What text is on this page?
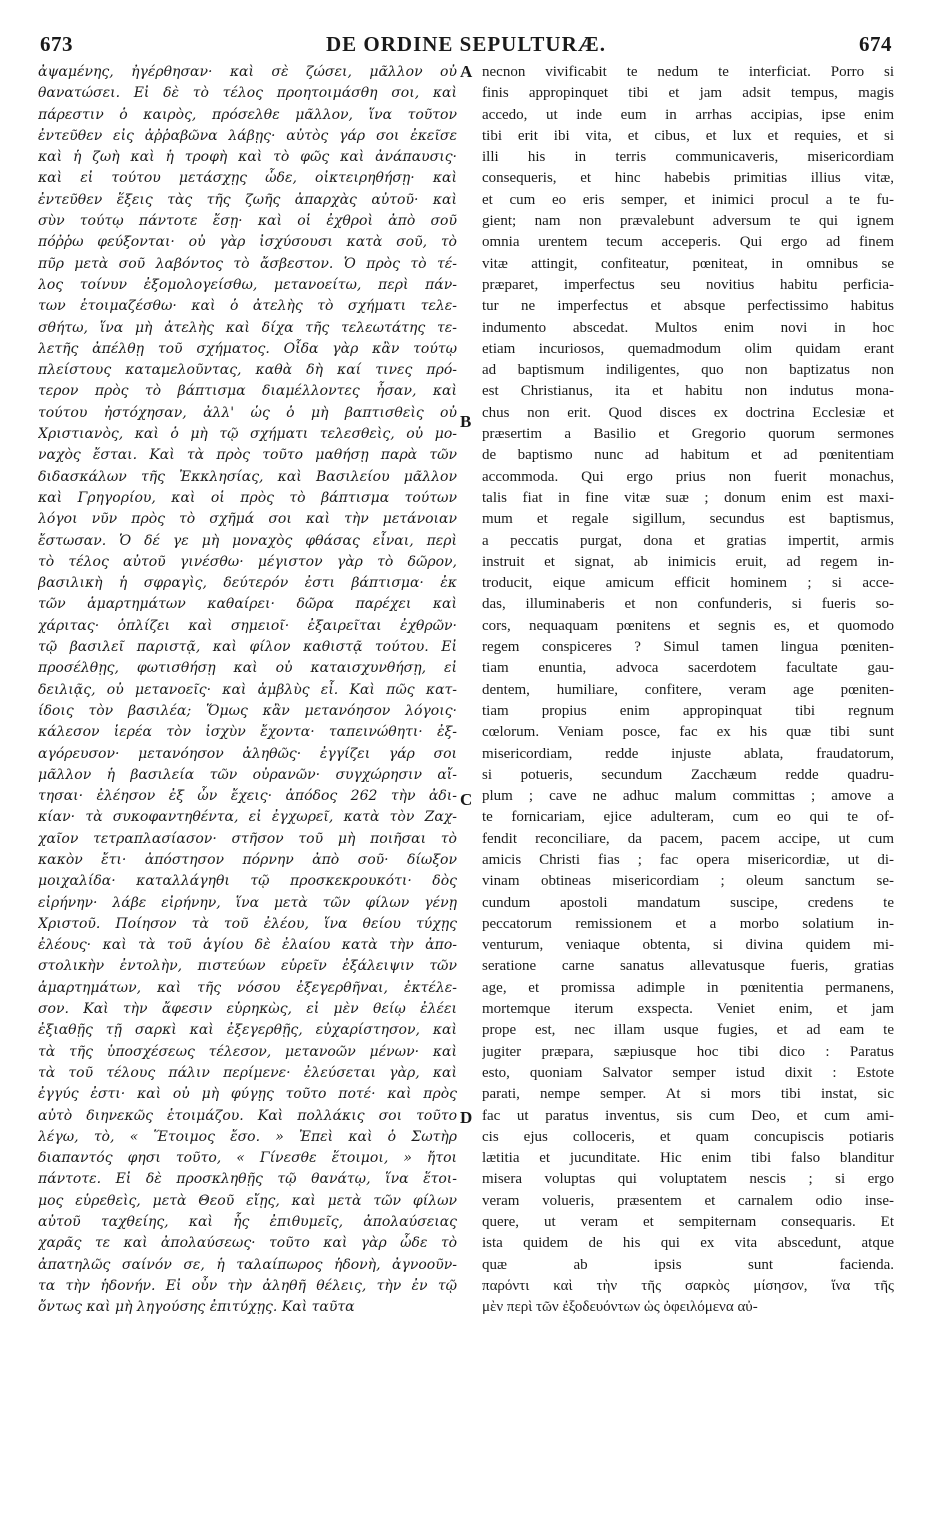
673	DE ORDINE SEPULTURÆ.	674
ἀψαμένης, ἠγέρθησαν· καὶ σὲ ζώσει, μᾶλλον οὐ
θανατώσει. Εἰ δὲ τὸ τέλος προητοιμάσθη σοι, καὶ
πάρεστιν ὁ καιρὸς, πρόσελθε μᾶλλον, ἵνα τοῦτον
ἐντεῦθεν εἰς ἀῤῥαβῶνα λάβῃς· αὐτὸς γάρ σοι ἐκεῖσε
καὶ ἡ ζωὴ καὶ ἡ τροφὴ καὶ τὸ φῶς καὶ ἀνάπαυσις·
καὶ εἰ τούτου μετάσχῃς ὧδε, οἰκτειρηθήσῃ· καὶ
ἐντεῦθεν ἕξεις τὰς τῆς ζωῆς ἀπαρχὰς αὐτοῦ· καὶ
σὺν τούτῳ πάντοτε ἔσῃ· καὶ οἱ ἐχθροὶ ἀπὸ σοῦ
πόῤῥω φεύξονται· οὐ γὰρ ἰσχύσουσι κατὰ σοῦ, τὸ
πῦρ μετὰ σοῦ λαβόντος τὸ ἄσβεστον. Ὁ πρὸς τὸ τέ-
λος τοίνυν ἐξομολογείσθω, μετανοείτω, περὶ πάν-
των ἑτοιμαζέσθω· καὶ ὁ ἀτελὴς τὸ σχήματι τελε-
σθήτω, ἵνα μὴ ἀτελὴς καὶ δίχα τῆς τελεωτάτης τε-
λετῆς ἀπέλθῃ τοῦ σχήματος. Οἶδα γὰρ κἂν τούτῳ
πλείστους καταμελοῦντας, καθὰ δὴ καί τινες πρό-
τερον πρὸς τὸ βάπτισμα διαμέλλοντες ἦσαν, καὶ
τούτου ἠστόχησαν, ἀλλ' ὡς ὁ μὴ βαπτισθεὶς οὐ
Χριστιανὸς, καὶ ὁ μὴ τῷ σχήματι τελεσθεὶς, οὐ μο-
ναχὸς ἔσται. Καὶ τὰ πρὸς τοῦτο μαθήσῃ παρὰ τῶν
διδασκάλων τῆς Ἐκκλησίας, καὶ Βασιλείου μᾶλλον
καὶ Γρηγορίου, καὶ οἱ πρὸς τὸ βάπτισμα τούτων
λόγοι νῦν πρὸς τὸ σχῆμά σοι καὶ τὴν μετάνοιαν
ἔστωσαν. Ὁ δέ γε μὴ μοναχὸς φθάσας εἶναι, περὶ
τὸ τέλος αὐτοῦ γινέσθω· μέγιστον γὰρ τὸ δῶρον,
βασιλικὴ ἡ σφραγὶς, δεύτερόν ἐστι βάπτισμα· ἐκ
τῶν ἁμαρτημάτων καθαίρει· δῶρα παρέχει καὶ
χάριτας· ὁπλίζει καὶ σημειοῖ· ἐξαιρεῖται ἐχθρῶν·
τῷ βασιλεῖ παριστᾷ, καὶ φίλον καθιστᾷ τούτου. Εἰ
προσέλθῃς, φωτισθήσῃ καὶ οὐ καταισχυνθήσῃ, εἰ
δειλιᾷς, οὐ μετανοεῖς· καὶ ἀμβλὺς εἶ. Καὶ πῶς κατ-
ίδοις τὸν βασιλέα; Ὅμως κἂν μετανόησον λόγοις·
κάλεσον ἱερέα τὸν ἰσχὺν ἔχοντα· ταπεινώθητι· ἐξ-
αγόρευσον· μετανόησον ἀληθῶς· ἐγγίζει γάρ σοι
μᾶλλον ἡ βασιλεία τῶν οὐρανῶν· συγχώρησιν αἴ-
τησαι· ἐλέησον ἐξ ὧν ἔχεις· ἀπόδος 262 τὴν ἀδι-
κίαν· τὰ συκοφαντηθέντα, εἰ ἐγχωρεῖ, κατὰ τὸν Ζαχ-
χαῖον τετραπλασίασον· στῆσον τοῦ μὴ ποιῆσαι τὸ
κακὸν ἔτι· ἀπόστησον πόρνην ἀπὸ σοῦ· δίωξον
μοιχαλίδα· καταλλάγηθι τῷ προσκεκρουκότι· δὸς
εἰρήνην· λάβε εἰρήνην, ἵνα μετὰ τῶν φίλων γένῃ
Χριστοῦ. Ποίησον τὰ τοῦ ἐλέου, ἵνα θείου τύχῃς
ἐλέους· καὶ τὰ τοῦ ἁγίου δὲ ἐλαίου κατὰ τὴν ἀπο-
στολικὴν ἐντολὴν, πιστεύων εὑρεῖν ἐξάλειψιν τῶν
ἁμαρτημάτων, καὶ τῆς νόσου ἐξεγερθῆναι, ἐκτέλε-
σον. Καὶ τὴν ἄφεσιν εὑρηκὼς, εἰ μὲν θείῳ ἐλέει
ἐξιαθῇς τῇ σαρκὶ καὶ ἐξεγερθῇς, εὐχαρίστησον, καὶ
τὰ τῆς ὑποσχέσεως τέλεσον, μετανοῶν μένων· καὶ
τὰ τοῦ τέλους πάλιν περίμενε· ἐλεύσεται γὰρ, καὶ
ἐγγύς ἐστι· καὶ οὐ μὴ φύγῃς τοῦτο ποτέ· καὶ πρὸς
αὐτὸ διηνεκῶς ἑτοιμάζου. Καὶ πολλάκις σοι τοῦτο
λέγω, τὸ, « Ἕτοιμος ἔσο. » Ἐπεὶ καὶ ὁ Σωτὴρ
διαπαντός φησι τοῦτο, « Γίνεσθε ἕτοιμοι, » ἤτοι
πάντοτε. Εἰ δὲ προσκληθῇς τῷ θανάτῳ, ἵνα ἕτοι-
μος εὑρεθεὶς, μετὰ Θεοῦ εἴῃς, καὶ μετὰ τῶν φίλων
αὐτοῦ ταχθείης, καὶ ἧς ἐπιθυμεῖς, ἀπολαύσειας
χαρᾶς τε καὶ ἀπολαύσεως· τοῦτο καὶ γὰρ ὧδε τὸ
ἀπατηλῶς σαίνόν σε, ἡ ταλαίπωρος ἡδονὴ, ἀγνοοῦν-
τα τὴν ἡδονήν. Εἰ οὖν τὴν ἀληθῆ θέλεις, τὴν ἐν τῷ
ὄντως καὶ μὴ ληγούσης ἐπιτύχῃς. Καὶ ταῦτα
necnon vivificabit te nedum te interficiat. Porro si
finis appropinquet tibi et jam adsit tempus, magis
accedo, ut inde eum in arrhas accipias, ipse enim
tibi erit ibi vita, et cibus, et lux et requies, et si
illi his in terris communicaveris, misericordiam
consequeris, et hinc habebis primitias illius vitæ,
et cum eo eris semper, et inimici procul a te fu-
gient; nam non prævalebunt adversum te qui ignem
omnia urentem tecum acceperis. Qui ergo ad finem
vitæ attingit, confiteatur, pœniteat, in omnibus se
præparet, imperfectus seu novitius habitu perficia-
tur ne imperfectus et absque perfectissimo habitus
indumento abscedat. Multos enim novi in hoc
etiam incuriosos, quemadmodum olim quidam erant
ad baptismum indiligentes, quo non baptizatus non
est Christianus, ita et habitu non indutus mona-
chus non erit. Quod disces ex doctrina Ecclesiæ et
præsertim a Basilio et Gregorio quorum sermones
de baptismo nunc ad habitum et ad pœnitentiam
accommoda. Qui ergo prius non fuerit monachus,
talis fiat in fine vitæ suæ ; donum enim est maxi-
mum et regale sigillum, secundus est baptismus,
a peccatis purgat, dona et gratias impertit, armis
instruit et signat, ab inimicis eruit, ad regem in-
troducit, eique amicum efficit hominem ; si acce-
das, illuminaberis et non confunderis, si fueris so-
cors, nequaquam pœnitens et segnis es, et quomodo
regem conspiceres ? Simul tamen lingua pœniten-
tiam enuntia, advoca sacerdotem facultate gau-
dentem, humiliare, confitere, veram age pœniten-
tiam propius enim appropinquat tibi regnum
cœlorum. Veniam posce, fac ex his quæ tibi sunt
misericordiam, redde injuste ablata, fraudatorum,
si potueris, secundum Zacchæum redde quadru-
plum ; cave ne adhuc malum committas ; amove a
te fornicariam, ejice adulteram, cum eo qui te of-
fendit reconciliare, da pacem, pacem accipe, ut cum
amicis Christi fias ; fac opera misericordiæ, ut di-
vinam obtineas misericordiam ; oleum sanctum se-
cundum apostoli mandatum suscipe, credens te
peccatorum remissionem et a morbo solatium in-
venturum, veniaque obtenta, si divina quidem mi-
seratione carne sanatus allevatusque fueris, gratias
age, et promissa adimple in pœnitentia permanens,
mortemque iterum exspecta. Veniet enim, et jam
prope est, nec illam usque fugies, et ad eam te
jugiter præpara, sæpiusque hoc tibi dico : Paratus
esto, quoniam Salvator semper istud dixit : Estote
parati, nempe semper. At si mors tibi instat, sic
fac ut paratus inventus, sis cum Deo, et cum ami-
cis ejus colloceris, et quam concupiscis potiaris
lætitia et jucunditate. Hic enim tibi falso blanditur
misera voluptas qui voluptatem nescis ; si ergo
veram volueris, præsentem et carnalem odio inse-
quere, ut veram et sempiternam consequaris. Et
ista quidem de his qui ex vita abscedunt, atque
quæ ab ipsis sunt facienda.
παρόντι καὶ τὴν τῆς σαρκὸς μίσησον, ἵνα τῆς
μὲν περὶ τῶν ἐξοδευόντων ὡς ὀφειλόμενα αὐ-
A
B
C
D
